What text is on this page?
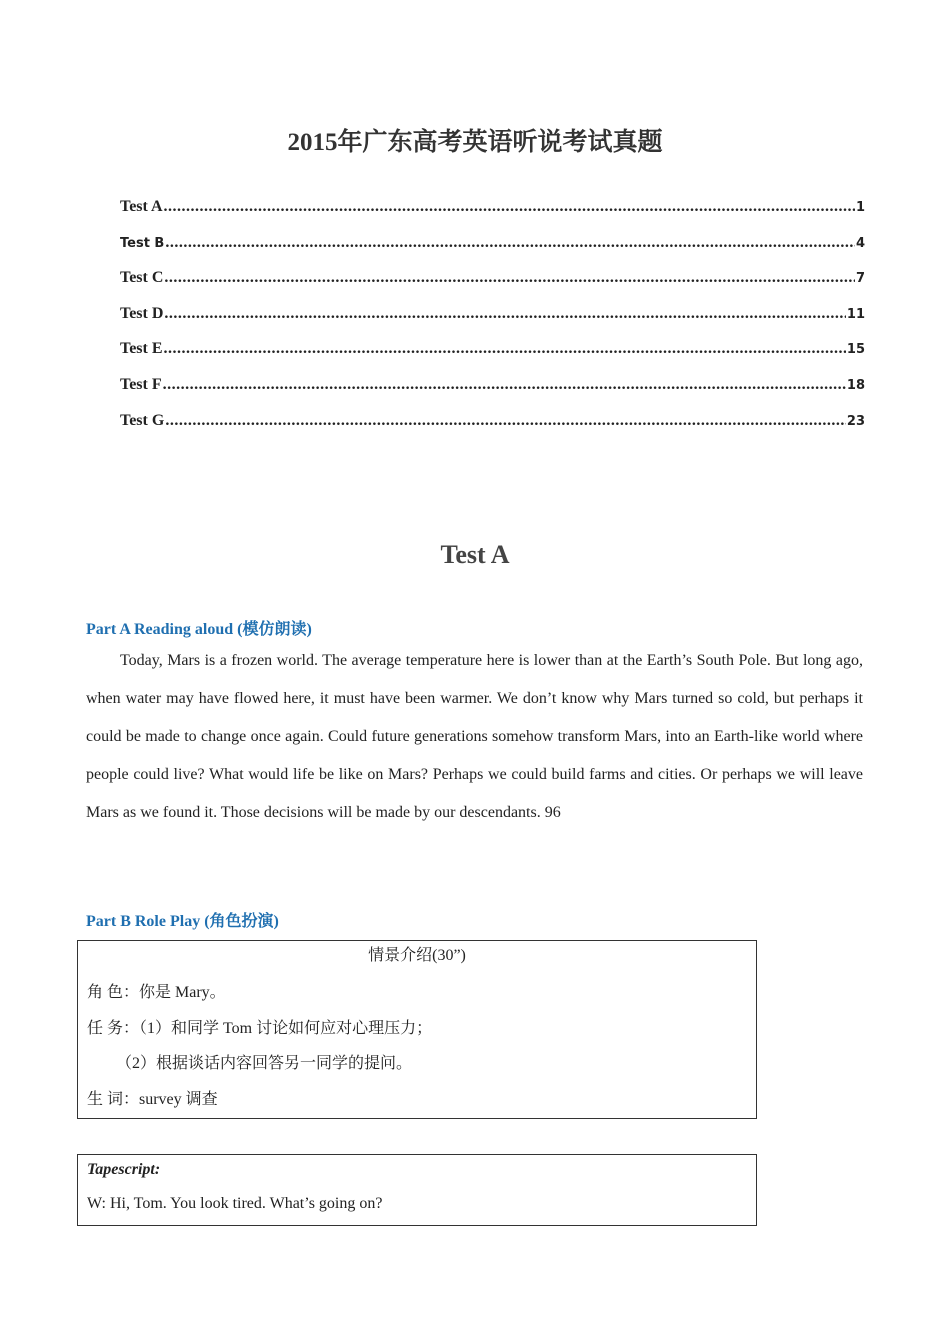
2015年广东高考英语听说考试真题
Test A .....	1
Test B .....	4
Test C .....	7
Test D .....	11
Test E .....	15
Test F .....	18
Test G .....	23
Test A
Part A Reading aloud (模仿朗读)

Today, Mars is a frozen world. The average temperature here is lower than at the Earth’s South Pole. But long ago, when water may have flowed here, it must have been warmer. We don’t know why Mars turned so cold, but perhaps it could be made to change once again. Could future generations somehow transform Mars, into an Earth-like world where people could live? What would life be like on Mars? Perhaps we could build farms and cities. Or perhaps we will leave Mars as we found it. Those decisions will be made by our descendants. 96

Part B Role Play (角色扮演)
情景介绍(30”)
角 色：你是 Mary。
任 务：（1）和同学 Tom 讨论如何应对心理压力；
（2）根据谈话内容回答另一同学的提问。
生 词：survey 调查
Tapescript:
W: Hi, Tom. You look tired. What’s going on?
